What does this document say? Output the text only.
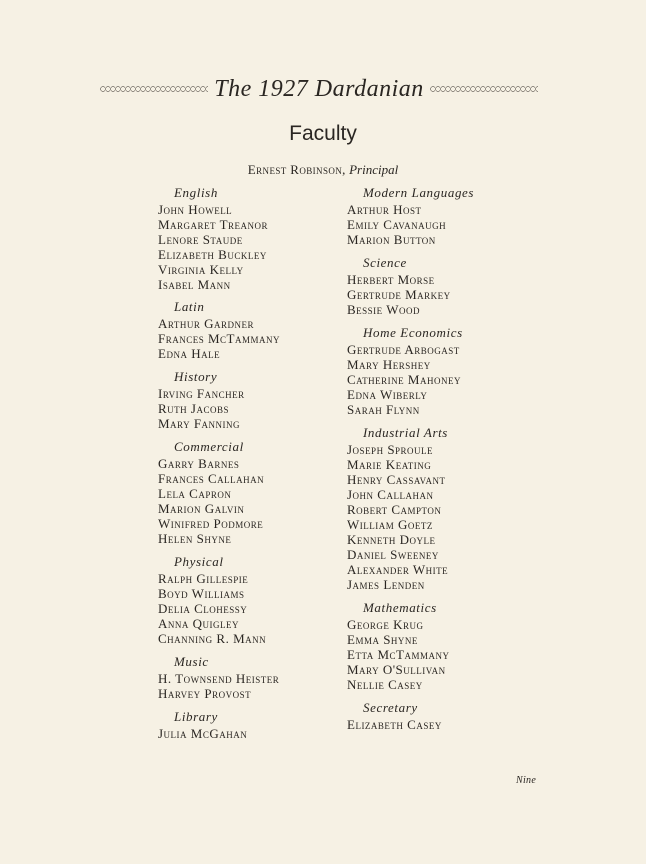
The 1927 Dardanian
Faculty
Ernest Robinson, Principal
English
John Howell
Margaret Treanor
Lenore Staude
Elizabeth Buckley
Virginia Kelly
Isabel Mann
Latin
Arthur Gardner
Frances McTammany
Edna Hale
History
Irving Fancher
Ruth Jacobs
Mary Fanning
Commercial
Garry Barnes
Frances Callahan
Lela Capron
Marion Galvin
Winifred Podmore
Helen Shyne
Physical
Ralph Gillespie
Boyd Williams
Delia Clohessy
Anna Quigley
Channing R. Mann
Music
H. Townsend Heister
Harvey Provost
Library
Julia McGahan
Modern Languages
Arthur Host
Emily Cavanaugh
Marion Button
Science
Herbert Morse
Gertrude Markey
Bessie Wood
Home Economics
Gertrude Arbogast
Mary Hershey
Catherine Mahoney
Edna Wiberly
Sarah Flynn
Industrial Arts
Joseph Sproule
Marie Keating
Henry Cassavant
John Callahan
Robert Campton
William Goetz
Kenneth Doyle
Daniel Sweeney
Alexander White
James Lenden
Mathematics
George Krug
Emma Shyne
Etta McTammany
Mary O'Sullivan
Nellie Casey
Secretary
Elizabeth Casey
Nine
